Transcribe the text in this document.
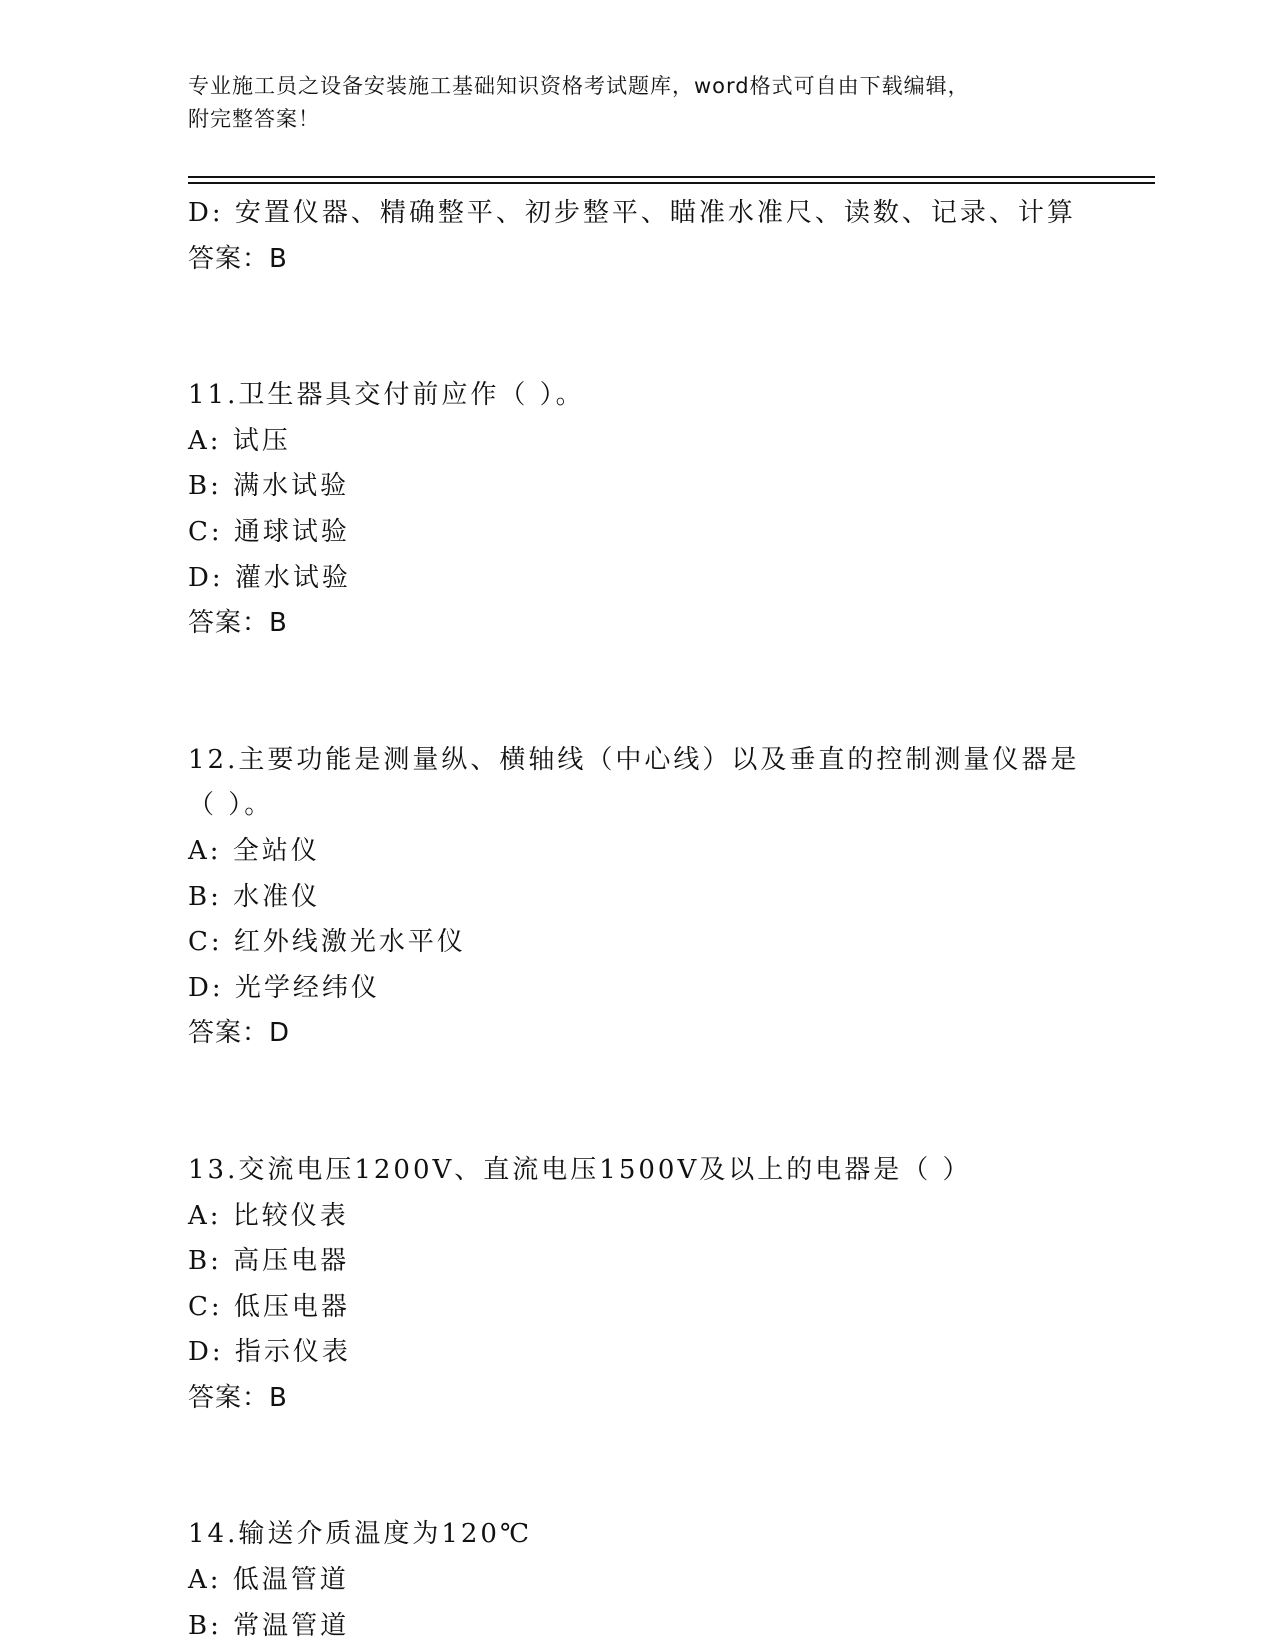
专业施工员之设备安装施工基础知识资格考试题库，word格式可自由下载编辑，
附完整答案！
D: 安置仪器、精确整平、初步整平、瞄准水准尺、读数、记录、计算
答案：B
11.卫生器具交付前应作（ ）。
A: 试压
B: 满水试验
C: 通球试验
D: 灌水试验
答案：B
12.主要功能是测量纵、横轴线（中心线）以及垂直的控制测量仪器是
（ ）。
A: 全站仪
B: 水准仪
C: 红外线激光水平仪
D: 光学经纬仪
答案：D
13.交流电压1200V、直流电压1500V及以上的电器是（ ）
A: 比较仪表
B: 高压电器
C: 低压电器
D: 指示仪表
答案：B
14.输送介质温度为120℃
A: 低温管道
B: 常温管道
